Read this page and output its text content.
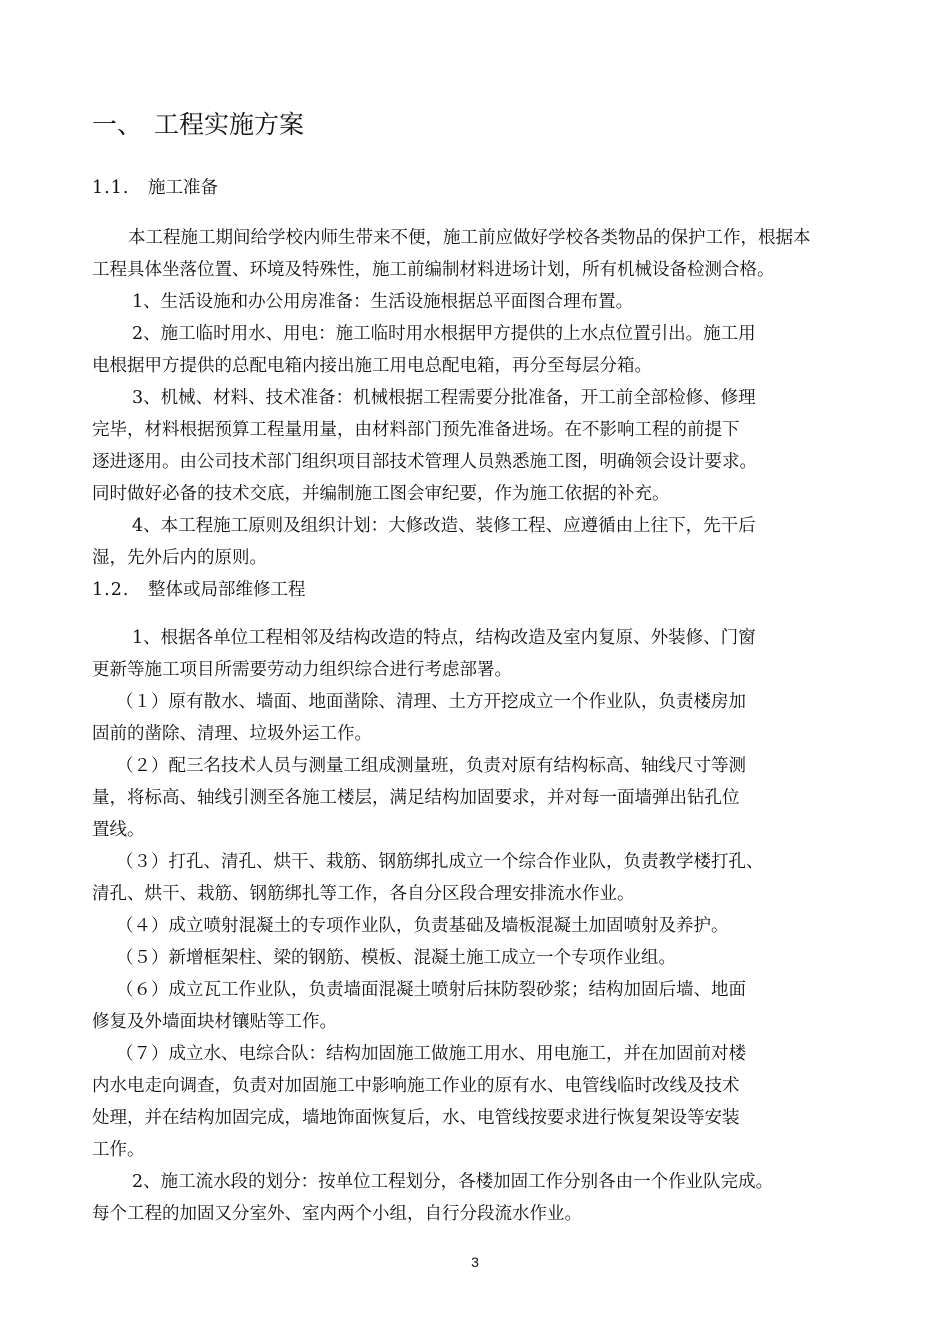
一、 工程实施方案
1.1. 施工准备
本工程施工期间给学校内师生带来不便，施工前应做好学校各类物品的保护工作，根据本
工程具体坐落位置、环境及特殊性，施工前编制材料进场计划，所有机械设备检测合格。
1、生活设施和办公用房准备：生活设施根据总平面图合理布置。
2、施工临时用水、用电：施工临时用水根据甲方提供的上水点位置引出。施工用
电根据甲方提供的总配电箱内接出施工用电总配电箱，再分至每层分箱。
3、机械、材料、技术准备：机械根据工程需要分批准备，开工前全部检修、修理
完毕，材料根据预算工程量用量，由材料部门预先准备进场。在不影响工程的前提下
逐进逐用。由公司技术部门组织项目部技术管理人员熟悉施工图，明确领会设计要求。
同时做好必备的技术交底，并编制施工图会审纪要，作为施工依据的补充。
4、本工程施工原则及组织计划：大修改造、装修工程、应遵循由上往下，先干后
湿，先外后内的原则。
1.2. 整体或局部维修工程
1、根据各单位工程相邻及结构改造的特点，结构改造及室内复原、外装修、门窗
更新等施工项目所需要劳动力组织综合进行考虑部署。
（１）原有散水、墙面、地面凿除、清理、土方开挖成立一个作业队，负责楼房加
固前的凿除、清理、垃圾外运工作。
（２）配三名技术人员与测量工组成测量班，负责对原有结构标高、轴线尺寸等测
量，将标高、轴线引测至各施工楼层，满足结构加固要求，并对每一面墙弹出钻孔位
置线。
（３）打孔、清孔、烘干、栽筋、钢筋绑扎成立一个综合作业队，负责教学楼打孔、
清孔、烘干、栽筋、钢筋绑扎等工作，各自分区段合理安排流水作业。
（４）成立喷射混凝土的专项作业队，负责基础及墙板混凝土加固喷射及养护。
（５）新增框架柱、梁的钢筋、模板、混凝土施工成立一个专项作业组。
（６）成立瓦工作业队，负责墙面混凝土喷射后抹防裂砂浆；结构加固后墙、地面
修复及外墙面块材镶贴等工作。
（７）成立水、电综合队：结构加固施工做施工用水、用电施工，并在加固前对楼
内水电走向调查，负责对加固施工中影响施工作业的原有水、电管线临时改线及技术
处理，并在结构加固完成，墙地饰面恢复后，水、电管线按要求进行恢复架设等安装
工作。
2、施工流水段的划分：按单位工程划分，各楼加固工作分别各由一个作业队完成。
每个工程的加固又分室外、室内两个小组，自行分段流水作业。
3
